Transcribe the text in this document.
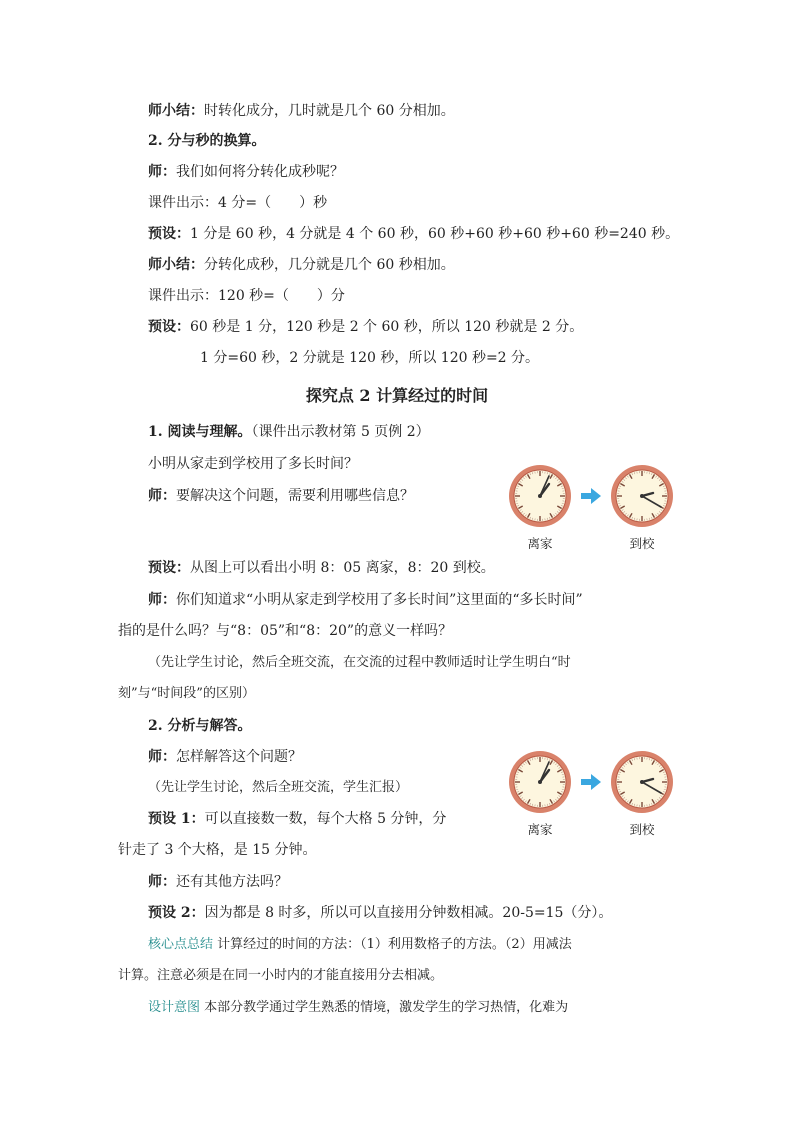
师小结：时转化成分，几时就是几个 60 分相加。
2. 分与秒的换算。
师：我们如何将分转化成秒呢？
课件出示：4 分=（　　）秒
预设：1 分是 60 秒，4 分就是 4 个 60 秒，60 秒+60 秒+60 秒+60 秒=240 秒。
师小结：分转化成秒，几分就是几个 60 秒相加。
课件出示：120 秒=（　　）分
预设：60 秒是 1 分，120 秒是 2 个 60 秒，所以 120 秒就是 2 分。
1 分=60 秒，2 分就是 120 秒，所以 120 秒=2 分。
探究点 2 计算经过的时间
1. 阅读与理解。（课件出示教材第 5 页例 2）
小明从家走到学校用了多长时间？
师：要解决这个问题，需要利用哪些信息？
离家	到校
预设：从图上可以看出小明 8：05 离家，8：20 到校。
师：你们知道求“小明从家走到学校用了多长时间”这里面的“多长时间”
指的是什么吗？与“8：05”和“8：20”的意义一样吗？
（先让学生讨论，然后全班交流，在交流的过程中教师适时让学生明白“时
刻”与“时间段”的区别）
2. 分析与解答。
师：怎样解答这个问题？
（先让学生讨论，然后全班交流，学生汇报）
预设 1：可以直接数一数，每个大格 5 分钟，分
针走了 3 个大格，是 15 分钟。
离家	到校
师：还有其他方法吗？
预设 2：因为都是 8 时多，所以可以直接用分钟数相减。20-5=15（分）。
核心点总结 计算经过的时间的方法：（1）利用数格子的方法。（2）用减法
计算。注意必须是在同一小时内的才能直接用分去相减。
设计意图 本部分教学通过学生熟悉的情境，激发学生的学习热情，化难为
